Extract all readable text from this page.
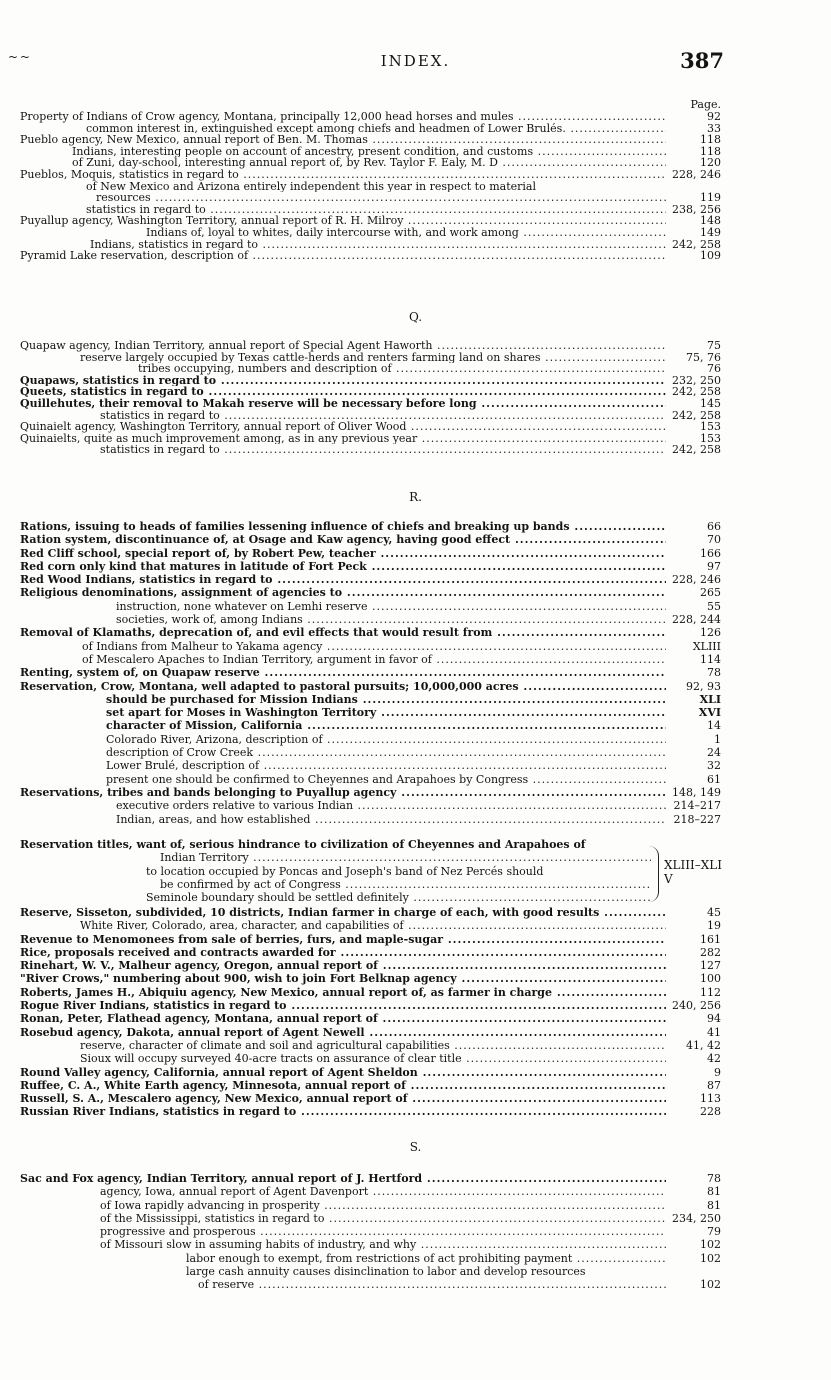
~ ~	INDEX.	387
Page.
Property of Indians of Crow agency, Montana, principally 12,000 head horses and mules .....	92
common interest in, extinguished except among chiefs and headmen of Lower Brulés. .....	33
Pueblo agency, New Mexico, annual report of Ben. M. Thomas .....	118
Indians, interesting people on account of ancestry, present condition, and customs .....	118
of Zuni, day-school, interesting annual report of, by Rev. Taylor F. Ealy, M. D .....	120
Pueblos, Moquis, statistics in regard to .....	228, 246
of New Mexico and Arizona entirely independent this year in respect to material
resources .....	119
statistics in regard to .....	238, 256
Puyallup agency, Washington Territory, annual report of R. H. Milroy .....	148
Indians of, loyal to whites, daily intercourse with, and work among .....	149
Indians, statistics in regard to .....	242, 258
Pyramid Lake reservation, description of .....	109
Q.
Quapaw agency, Indian Territory, annual report of Special Agent Haworth .....	75
reserve largely occupied by Texas cattle-herds and renters farming land on shares .....	75, 76
tribes occupying, numbers and description of .....	76
Quapaws, statistics in regard to .....	232, 250
Queets, statistics in regard to .....	242, 258
Quillehutes, their removal to Makah reserve will be necessary before long .....	145
statistics in regard to .....	242, 258
Quinaielt agency, Washington Territory, annual report of Oliver Wood .....	153
Quinaielts, quite as much improvement among, as in any previous year .....	153
statistics in regard to .....	242, 258
R.
Rations, issuing to heads of families lessening influence of chiefs and breaking up bands .....	66
Ration system, discontinuance of, at Osage and Kaw agency, having good effect .....	70
Red Cliff school, special report of, by Robert Pew, teacher .....	166
Red corn only kind that matures in latitude of Fort Peck .....	97
Red Wood Indians, statistics in regard to .....	228, 246
Religious denominations, assignment of agencies to .....	265
instruction, none whatever on Lemhi reserve .....	55
societies, work of, among Indians .....	228, 244
Removal of Klamaths, deprecation of, and evil effects that would result from .....	126
of Indians from Malheur to Yakama agency .....	XLIII
of Mescalero Apaches to Indian Territory, argument in favor of .....	114
Renting, system of, on Quapaw reserve .....	78
Reservation, Crow, Montana, well adapted to pastoral pursuits; 10,000,000 acres .....	92, 93
should be purchased for Mission Indians .....	XLI
set apart for Moses in Washington Territory .....	XVI
character of Mission, California .....	14
Colorado River, Arizona, description of .....	1
description of Crow Creek .....	24
Lower Brulé, description of .....	32
present one should be confirmed to Cheyennes and Arapahoes by Congress .....	61
Reservations, tribes and bands belonging to Puyallup agency .....	148, 149
executive orders relative to various Indian .....	214–217
Indian, areas, and how established .....	218–227
Reservation titles, want of, serious hindrance to civilization of Cheyennes and Arapahoes of
Indian Territory .....
to location occupied by Poncas and Joseph's band of Nez Percés should
be confirmed by act of Congress .....
Seminole boundary should be settled definitely .....
XLIII–XLIV
Reserve, Sisseton, subdivided, 10 districts, Indian farmer in charge of each, with good results .....	45
White River, Colorado, area, character, and capabilities of .....	19
Revenue to Menomonees from sale of berries, furs, and maple-sugar .....	161
Rice, proposals received and contracts awarded for .....	282
Rinehart, W. V., Malheur agency, Oregon, annual report of .....	127
"River Crows," numbering about 900, wish to join Fort Belknap agency .....	100
Roberts, James H., Abiquiu agency, New Mexico, annual report of, as farmer in charge .....	112
Rogue River Indians, statistics in regard to .....	240, 256
Ronan, Peter, Flathead agency, Montana, annual report of .....	94
Rosebud agency, Dakota, annual report of Agent Newell .....	41
reserve, character of climate and soil and agricultural capabilities .....	41, 42
Sioux will occupy surveyed 40-acre tracts on assurance of clear title .....	42
Round Valley agency, California, annual report of Agent Sheldon .....	9
Ruffee, C. A., White Earth agency, Minnesota, annual report of .....	87
Russell, S. A., Mescalero agency, New Mexico, annual report of .....	113
Russian River Indians, statistics in regard to .....	228
S.
Sac and Fox agency, Indian Territory, annual report of J. Hertford .....	78
agency, Iowa, annual report of Agent Davenport .....	81
of Iowa rapidly advancing in prosperity .....	81
of the Mississippi, statistics in regard to .....	234, 250
progressive and prosperous .....	79
of Missouri slow in assuming habits of industry, and why .....	102
labor enough to exempt, from restrictions of act prohibiting payment .....	102
large cash annuity causes disinclination to labor and develop resources
of reserve .....	102
